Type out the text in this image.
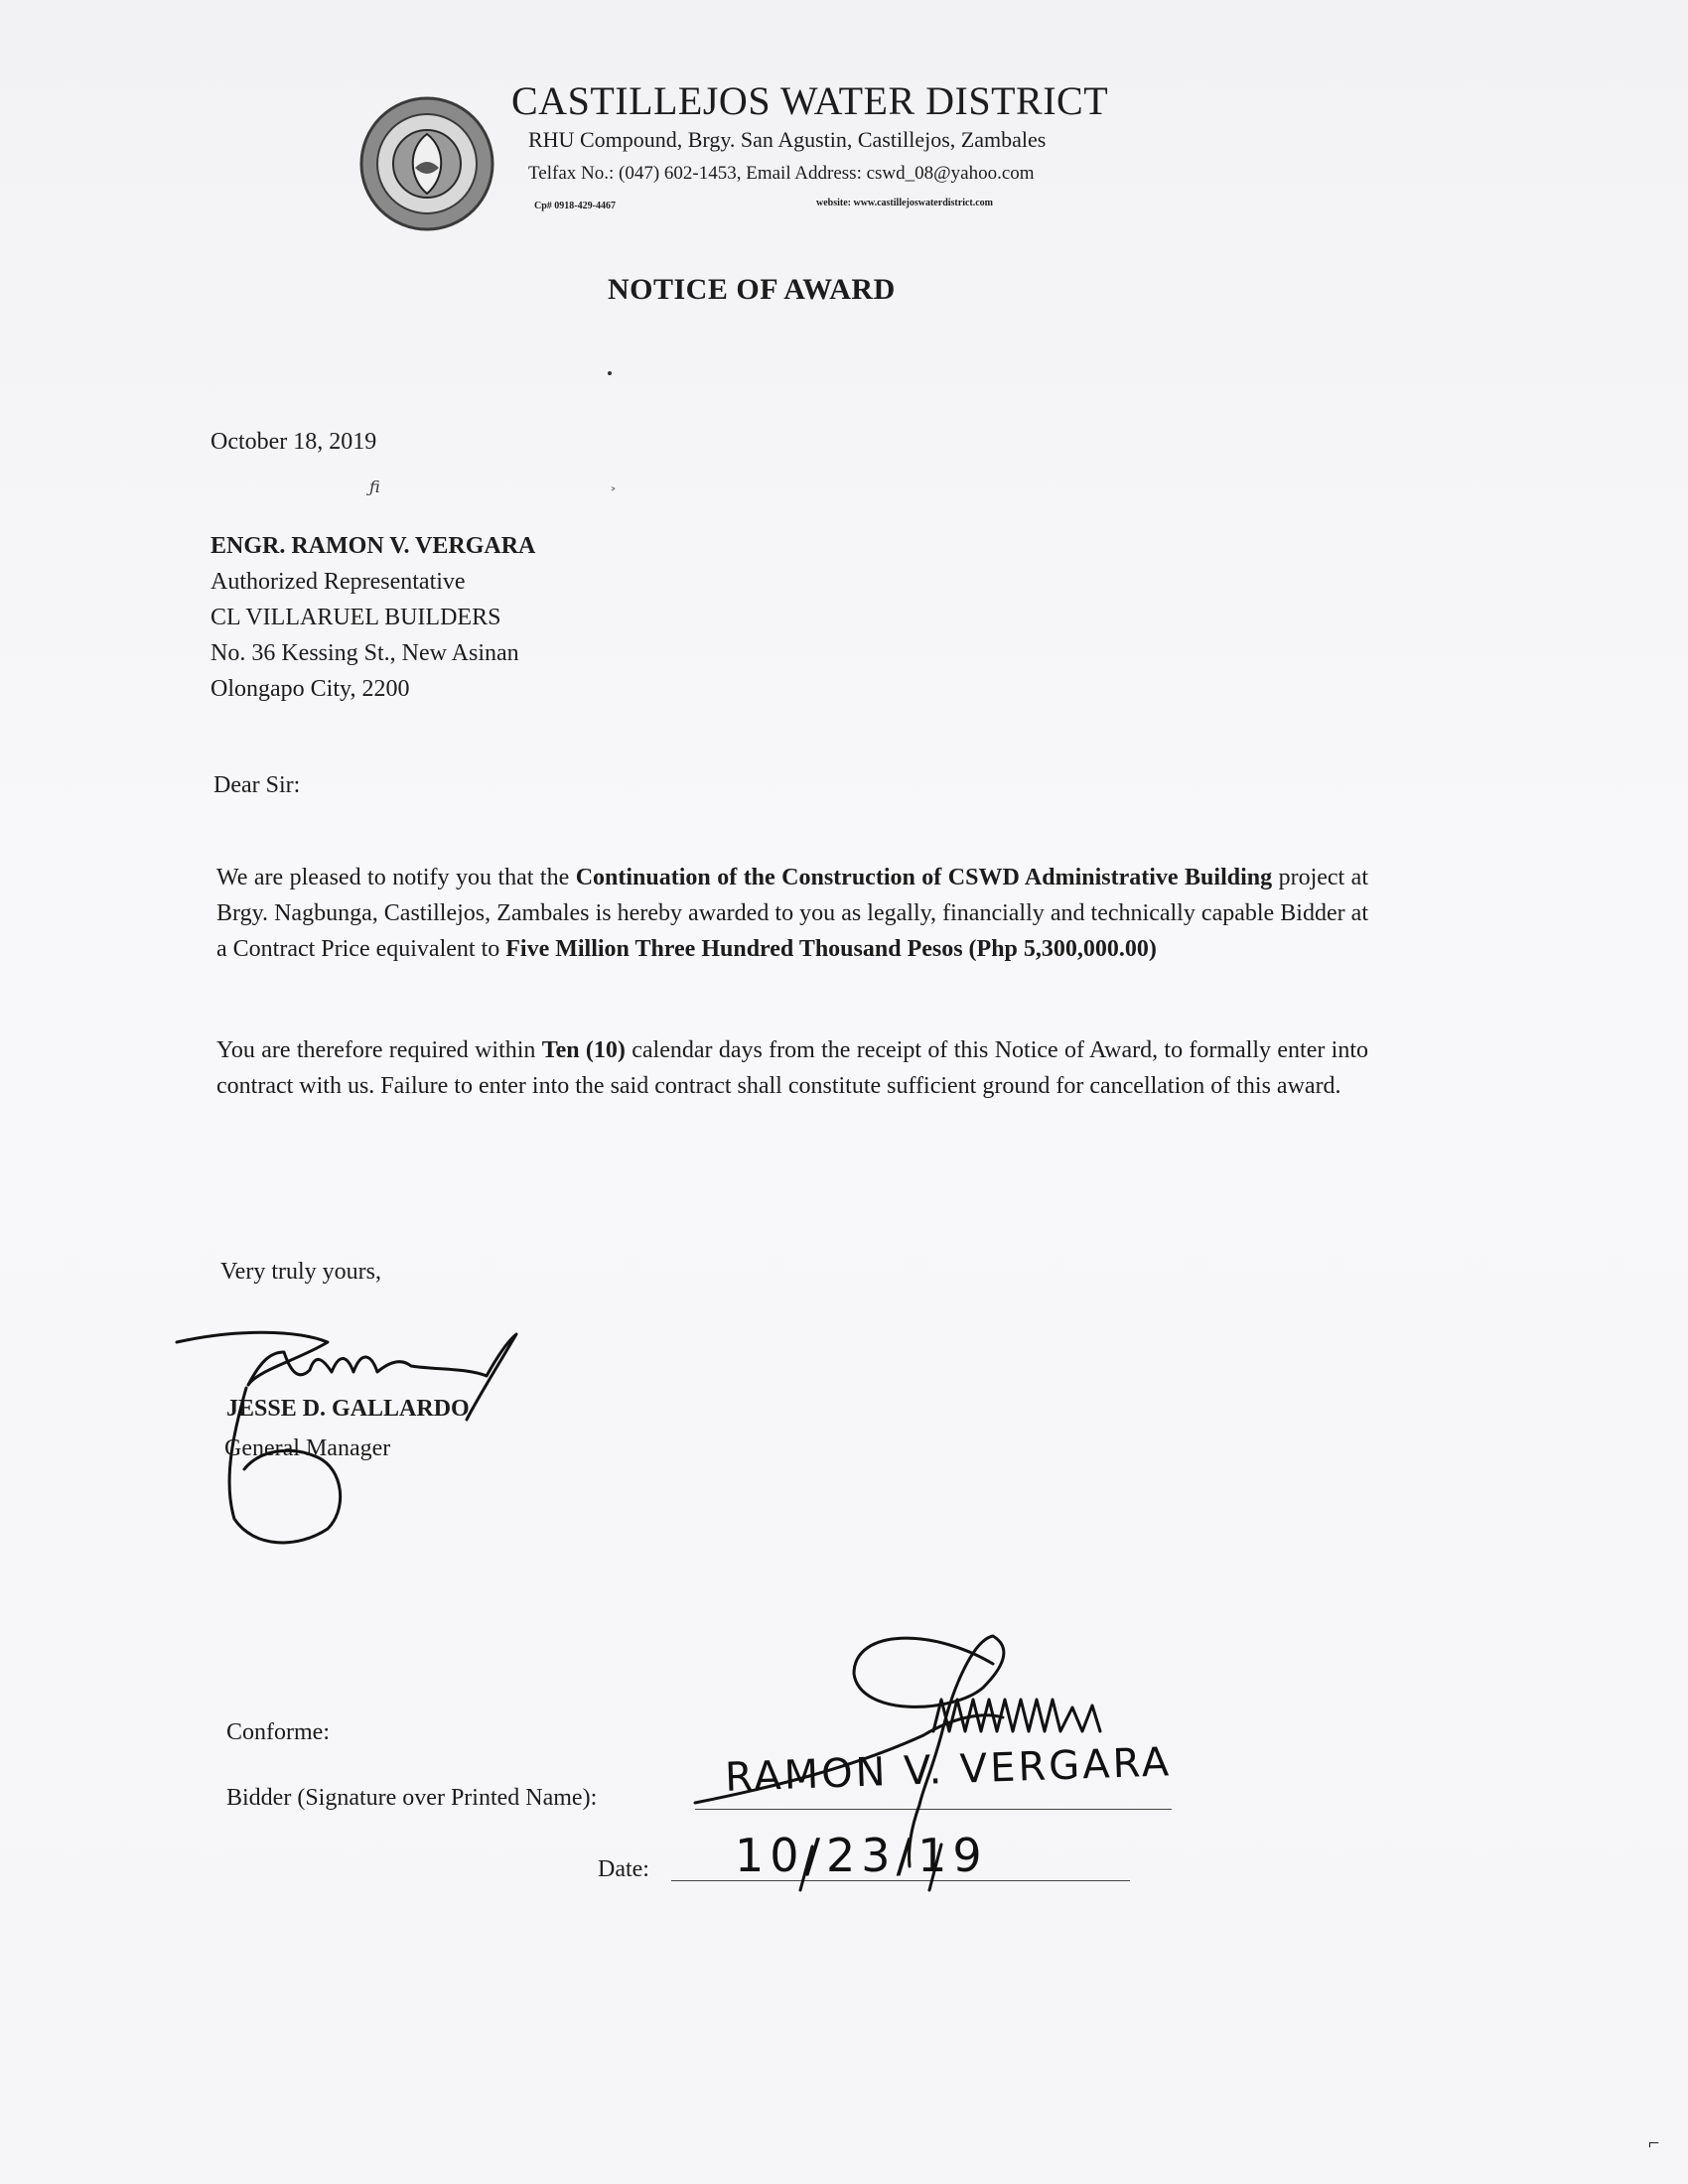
CASTILLEJOS WATER DISTRICT

RHU Compound, Brgy. San Agustin, Castillejos, Zambales

Telfax No.: (047) 602-1453, Email Address: cswd_08@yahoo.com

Cp# 0918-429-4467	website: www.castillejoswaterdistrict.com

NOTICE OF AWARD

October 18, 2019

ENGR. RAMON V. VERGARA
Authorized Representative
CL VILLARUEL BUILDERS
No. 36 Kessing St., New Asinan
Olongapo City, 2200

Dear Sir:

We are pleased to notify you that the Continuation of the Construction of CSWD Administrative Building project at Brgy. Nagbunga, Castillejos, Zambales is hereby awarded to you as legally, financially and technically capable Bidder at a Contract Price equivalent to Five Million Three Hundred Thousand Pesos (Php 5,300,000.00)

You are therefore required within Ten (10) calendar days from the receipt of this Notice of Award, to formally enter into contract with us. Failure to enter into the said contract shall constitute sufficient ground for cancellation of this award.

Very truly yours,

JESSE D. GALLARDO

General Manager

Conforme:

Bidder (Signature over Printed Name):	RAMON V. VERGARA

Date: 10/23/19

ƒi	˃

⌐
